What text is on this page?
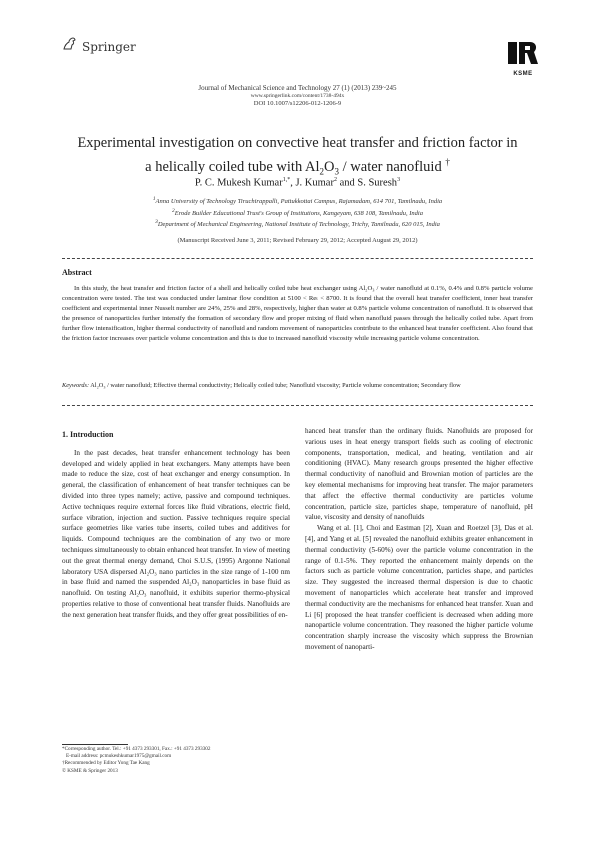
Springer
KSME
Journal of Mechanical Science and Technology 27 (1) (2013) 239~245
www.springerlink.com/content/1738-494x
DOI 10.1007/s12206-012-1206-9
Experimental investigation on convective heat transfer and friction factor in
a helically coiled tube with $Al_2O_3$ / water nanofluid †
P. C. Mukesh Kumar$^{1,*}$, J. Kumar$^2$ and S. Suresh$^3$
$^1$Anna University of Technology Tiruchirappalli, Pattukkottai Campus, Rajamadam, 614 701, Tamilnadu, India
$^2$Erode Builder Educational Trust's Group of Institutions, Kangeyam, 638 108, Tamilnadu, India
$^3$Department of Mechanical Engineering, National Institute of Technology, Trichy, Tamilnadu, 620 015, India
(Manuscript Received June 3, 2011; Revised February 29, 2012; Accepted August 29, 2012)
Abstract

In this study, the heat transfer and friction factor of a shell and helically coiled tube heat exchanger using Al₂O₃ / water nanofluid at 0.1%, 0.4% and 0.8% particle volume concentration were tested. The test was conducted under laminar flow condition at 5100 < Reₜ < 8700. It is found that the overall heat transfer coefficient, inner heat transfer coefficient and experimental inner Nusselt number are 24%, 25% and 28%, respectively, higher than water at 0.8% particle volume concentration of nanofluid. It is observed that the presence of nanoparticles further intensify the formation of secondary flow and proper mixing of fluid when nanofluid passes through the helically coiled tube. Apart from further flow intensification, higher thermal conductivity of nanofluid and random movement of nanoparticles contribute to the enhanced heat transfer coefficient. Also found that the friction factor increases over particle volume concentration and this is due to increased nanofluid viscosity while increasing particle volume concentration.

Keywords: Al₂O₃ / water nanofluid; Effective thermal conductivity; Helically coiled tube; Nanofluid viscosity; Particle volume concentration; Secondary flow
1. Introduction

In the past decades, heat transfer enhancement technology has been developed and widely applied in heat exchangers. Many attempts have been made to reduce the size, cost of heat exchanger and energy consumption. In general, the classification of enhancement of heat transfer techniques can be divided into three types namely; active, passive and compound techniques. Active techniques require external forces like fluid vibrations, electric field, surface vibration, injection and suction. Passive techniques require special surface geometries like varies tube inserts, coiled tubes and additives for liquids. Compound techniques are the combination of any two or more techniques simultaneously to obtain enhanced heat transfer. In view of meeting out the great thermal energy demand, Choi S.U.S, (1995) Argonne National laboratory USA dispersed Al₂O₃ nano particles in the size range of 1-100 nm in base fluid and named the suspended Al₂O₃ nanoparticles in base fluid as nanofluid. On testing Al₂O₃ nanofluid, it exhibits superior thermo-physical properties relative to those of conventional heat transfer fluids. Nanofluids are the next generation heat transfer fluids, and they offer great possibilities of en-

hanced heat transfer than the ordinary fluids. Nanofluids are proposed for various uses in heat energy transport fields such as cooling of electronic components, transportation, medical, and heating, ventilation and air conditioning (HVAC). Many research groups presented the higher effective thermal conductivity of nanofluid and Brownian motion of particles are the key elemental mechanisms for improving heat transfer. The major parameters that affect the effective thermal conductivity are particles volume concentration, particle size, particles shape, temperature of nanofluid, pH value, viscosity and density of nanofluids

Wang et al. [1], Choi and Eastman [2], Xuan and Roetzel [3], Das et al. [4], and Yang et al. [5] revealed the nanofluid exhibits greater enhancement in thermal conductivity (5-60%) over the particle volume concentration in the range of 0.1-5%. They reported the enhancement mainly depends on the factors such as particle volume concentration, particles shape, and particles size. They suggested the increased thermal dispersion is due to chaotic movement of nanoparticles which accelerate heat transfer and improved thermal conductivity are the mechanisms for enhanced heat transfer. Xuan and Li [6] proposed the heat transfer coefficient is decreased when adding more nanoparticle volume concentration. They reasoned the higher particle volume concentration sharply increase the viscosity which suppress the Brownian movement of nanoparti-

*Corresponding author. Tel.: +91 4373 293301, Fax.: +91 4373 293302
E-mail address: pcmukeshkumar1975@gmail.com
†Recommended by Editor Yong Tae Kang
© KSME & Springer 2013
